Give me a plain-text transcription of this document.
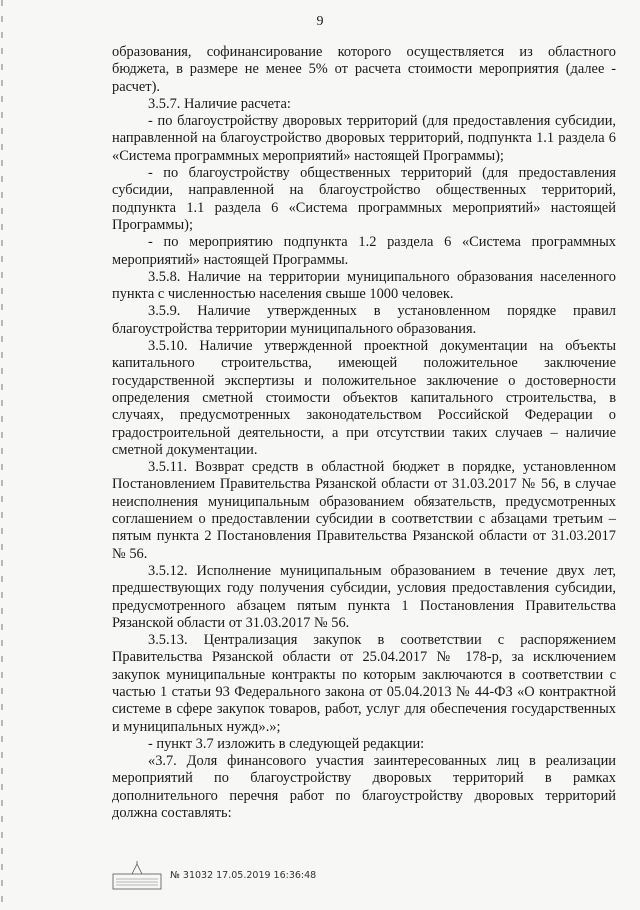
9

образования, софинансирование которого осуществляется из областного бюджета, в размере не менее 5% от расчета стоимости мероприятия (далее - расчет).

3.5.7. Наличие расчета:

- по благоустройству дворовых территорий (для предоставления субсидии, направленной на благоустройство дворовых территорий, подпункта 1.1 раздела 6 «Система программных мероприятий» настоящей Программы);

- по благоустройству общественных территорий (для предоставления субсидии, направленной на благоустройство общественных территорий, подпункта 1.1 раздела 6 «Система программных мероприятий» настоящей Программы);

- по мероприятию подпункта 1.2 раздела 6 «Система программных мероприятий» настоящей Программы.

3.5.8. Наличие на территории муниципального образования населенного пункта с численностью населения свыше 1000 человек.

3.5.9. Наличие утвержденных в установленном порядке правил благоустройства территории муниципального образования.

3.5.10. Наличие утвержденной проектной документации на объекты капитального строительства, имеющей положительное заключение государственной экспертизы и положительное заключение о достоверности определения сметной стоимости объектов капитального строительства, в случаях, предусмотренных законодательством Российской Федерации о градостроительной деятельности, а при отсутствии таких случаев – наличие сметной документации.

3.5.11. Возврат средств в областной бюджет в порядке, установленном Постановлением Правительства Рязанской области от 31.03.2017 № 56, в случае неисполнения муниципальным образованием обязательств, предусмотренных соглашением о предоставлении субсидии в соответствии с абзацами третьим – пятым пункта 2 Постановления Правительства Рязанской области от 31.03.2017 № 56.

3.5.12. Исполнение муниципальным образованием в течение двух лет, предшествующих году получения субсидии, условия предоставления субсидии, предусмотренного абзацем пятым пункта 1 Постановления Правительства Рязанской области от 31.03.2017 № 56.

3.5.13. Централизация закупок в соответствии с распоряжением Правительства Рязанской области от 25.04.2017 № 178-р, за исключением закупок муниципальные контракты по которым заключаются в соответствии с частью 1 статьи 93 Федерального закона от 05.04.2013 № 44-ФЗ «О контрактной системе в сфере закупок товаров, работ, услуг для обеспечения государственных и муниципальных нужд».»;

- пункт 3.7 изложить в следующей редакции:

«3.7. Доля финансового участия заинтересованных лиц в реализации мероприятий по благоустройству дворовых территорий в рамках дополнительного перечня работ по благоустройству дворовых территорий должна составлять:

№ 31032 17.05.2019 16:36:48
